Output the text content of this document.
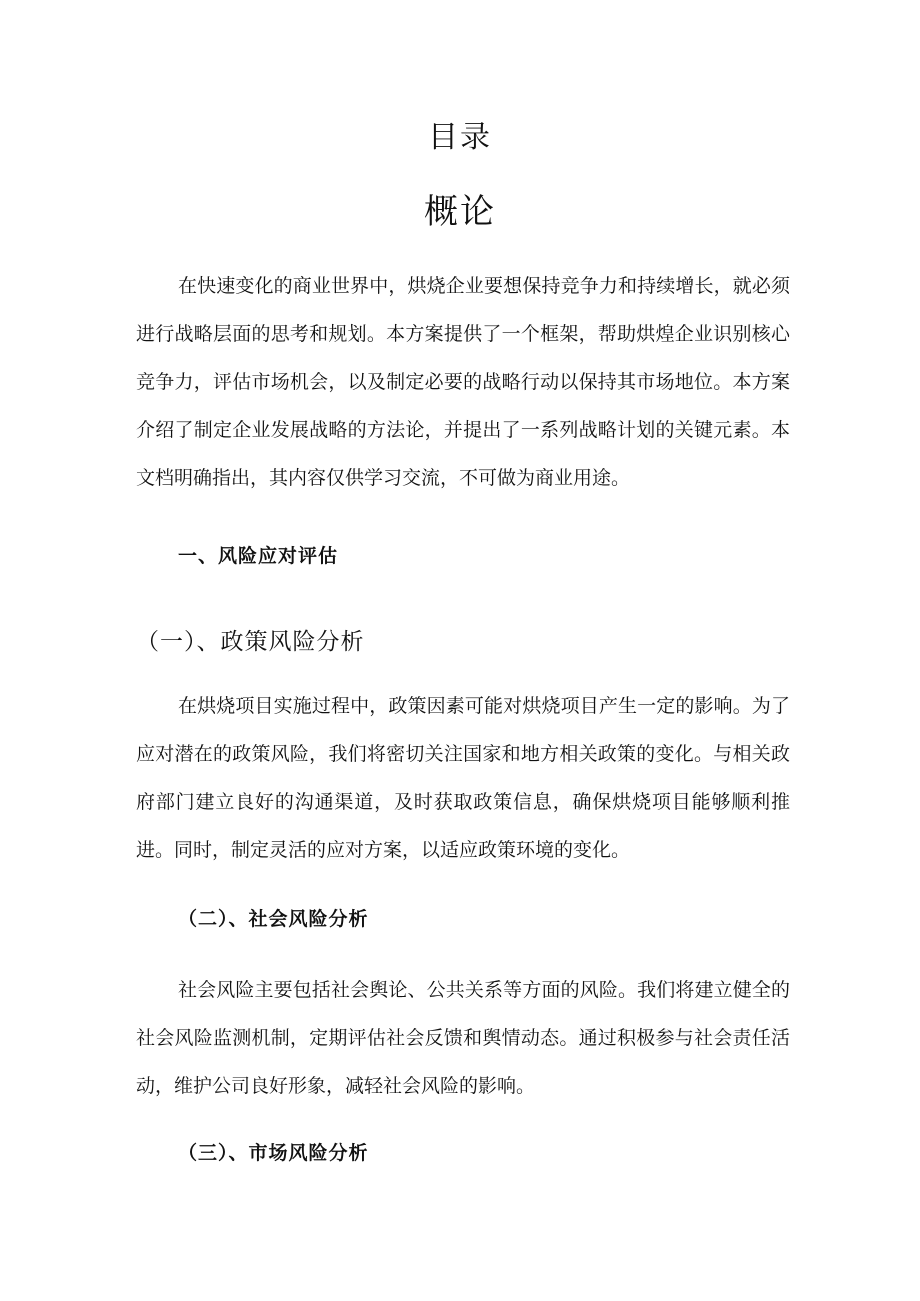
目录
概论

在快速变化的商业世界中，烘烧企业要想保持竞争力和持续增长，就必须进行战略层面的思考和规划。本方案提供了一个框架，帮助烘煌企业识别核心竞争力，评估市场机会，以及制定必要的战略行动以保持其市场地位。本方案介绍了制定企业发展战略的方法论，并提出了一系列战略计划的关键元素。本文档明确指出，其内容仅供学习交流，不可做为商业用途。

一、风险应对评估
（一）、政策风险分析

在烘烧项目实施过程中，政策因素可能对烘烧项目产生一定的影响。为了应对潜在的政策风险，我们将密切关注国家和地方相关政策的变化。与相关政府部门建立良好的沟通渠道，及时获取政策信息，确保烘烧项目能够顺利推进。同时，制定灵活的应对方案，以适应政策环境的变化。

（二）、社会风险分析

社会风险主要包括社会舆论、公共关系等方面的风险。我们将建立健全的社会风险监测机制，定期评估社会反馈和舆情动态。通过积极参与社会责任活动，维护公司良好形象，减轻社会风险的影响。

（三）、市场风险分析
